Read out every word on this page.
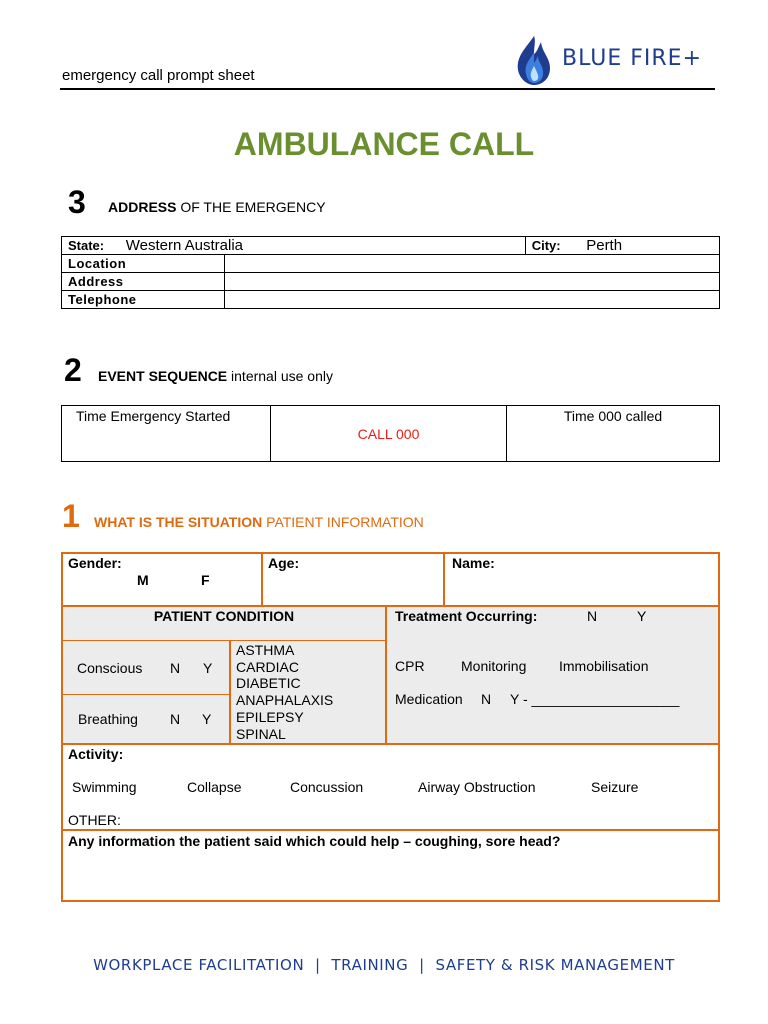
emergency call prompt sheet
BLUE FIRE+
AMBULANCE CALL
3 ADDRESS OF THE EMERGENCY
State: Western Australia		City: Perth
Location		
Address		
Telephone		
2 EVENT SEQUENCE internal use only
Time Emergency Started	CALL 000	Time 000 called
1 WHAT IS THE SITUATION PATIENT INFORMATION
Gender:
M	F
Age:	Name:
PATIENT CONDITION
Conscious N Y
Breathing N Y
ASTHMA
CARDIAC
DIABETIC
ANAPHALAXIS
EPILEPSY
SPINAL
Treatment Occurring:	N	Y
CPR	Monitoring Immobilisation
Medication N Y - ___________________
Activity:
Swimming	Collapse	Concussion	Airway Obstruction	Seizure
OTHER:
Any information the patient said which could help – coughing, sore head?
WORKPLACE FACILITATION  |  TRAINING  |  SAFETY & RISK MANAGEMENT
